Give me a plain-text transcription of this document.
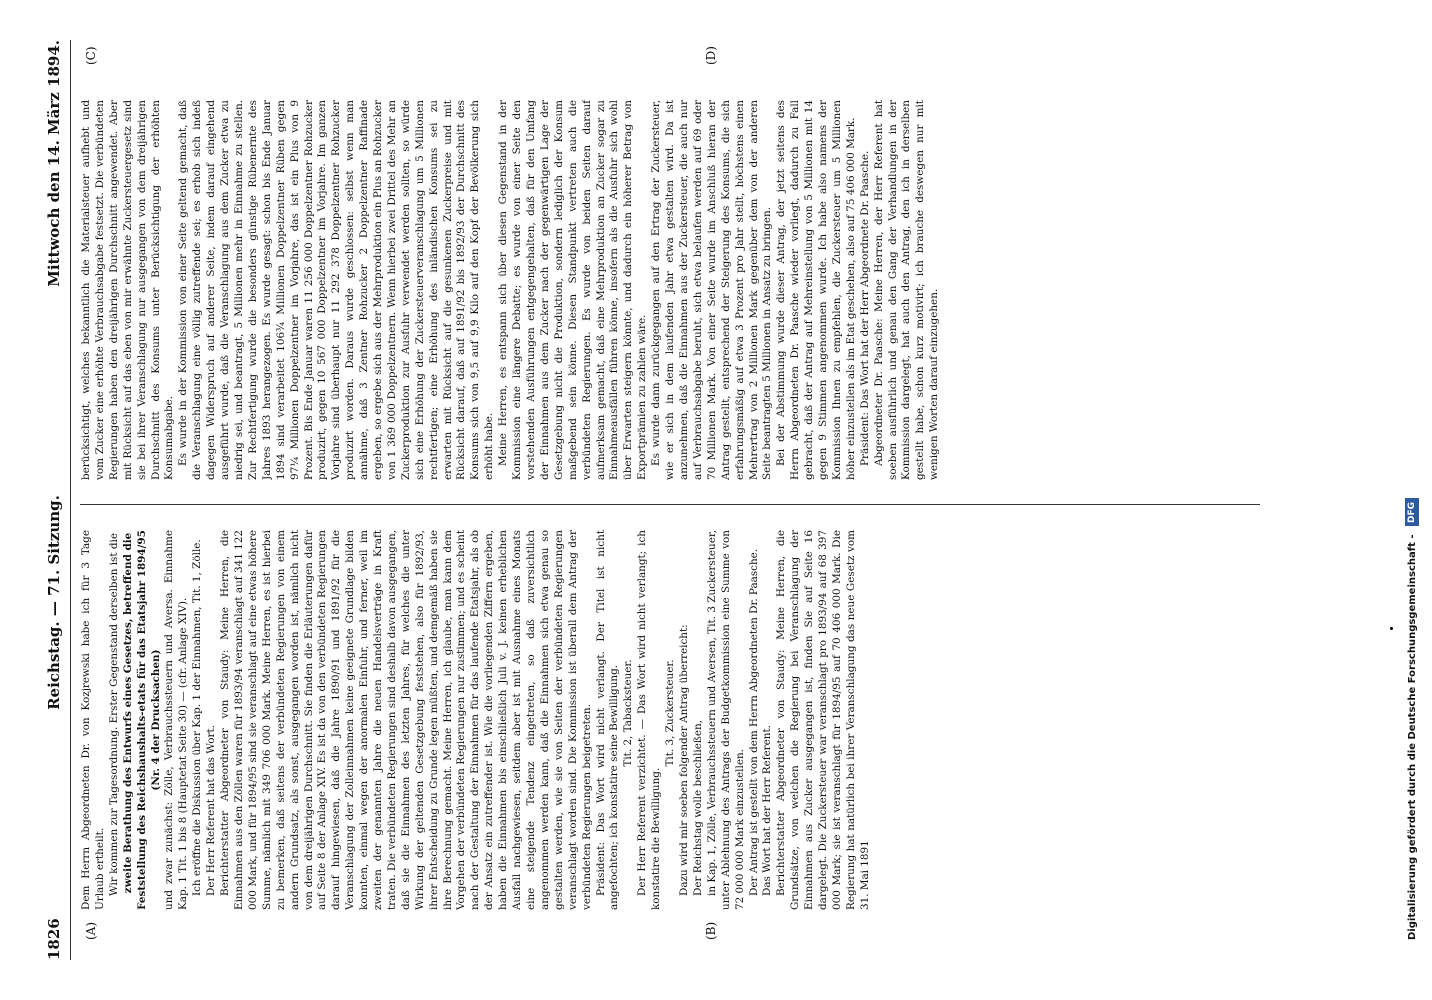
1826
Reichstag. — 71. Sitzung.
Mittwoch den 14. März 1894.
(A)	(B)
(C)	(D)

Dem Herrn Abgeordneten Dr. von Kozjrewski habe ich für 3 Tage Urlaub ertheilt. Wir kommen zur Tagesordnung. Erster Gegenstand derselben ist die zweite Berathung des Entwurfs eines Gesetzes, betreffend die Feststellung des Reichshaushalts-etats für das Etatsjahr 1894/95 (Nr. 4 der Drucksachen) und zwar zunächst: Zölle, Verbrauchssteuern und Aversa. Einnahme Kap. 1 Tit. 1 bis 8 (Hauptetat Seite 30) — (cfr. Anlage XIV). Ich eröffne die Diskussion über Kap. 1 der Einnahmen, Tit. 1, Zölle. Der Herr Referent hat das Wort. Berichterstatter Abgeordneter von Staudy: Meine Herren, die Einnahmen aus den Zöllen waren für 1893/94 veranschlagt auf 341 122 000 Mark, und für 1894/95 sind sie veranschlagt auf eine etwas höhere Summe, nämlich mit 349 706 000 Mark. Meine Herren, es ist hierbei zu bemerken, daß seitens der verbündeten Regierungen von einem andern Grundsatz, als sonst, ausgegangen worden ist, nämlich nicht von dem dreijährigen Durchschnitt. Sie finden die Erläuterungen dafür auf Seite 8 der Anlage XIV. Es ist da von den verbündeten Regierungen darauf hingewiesen, daß die Jahre 1890/91 und 1891/92 für die Veranschlagung der Zolleinnahmen keine geeignete Grundlage bilden konnten, einmal wegen der anormalen Einfuhr, und ferner, weil im zweiten der genannten Jahre die neuen Handelsverträge in Kraft traten. Die verbündeten Regierungen sind deshalb davon ausgegangen, daß sie die Einnahmen des letzten Jahres, für welches die unter Wirkung der geltenden Gesetzgebung feststehen, also für 1892/93, ihrer Entscheidung zu Grunde legen müßten, und demgemäß haben sie ihre Berechnung gemacht. Meine Herren, ich glaube, man kann dem Vorgehen der verbündeten Regierungen nur zustimmen; und es scheint nach der Gestaltung der Einnahmen für das laufende Etatsjahr, als ob der Ansatz ein zutreffender ist. Wie die vorliegenden Ziffern ergeben, haben die Einnahmen bis einschließlich Juli v. J. keinen erheblichen Ausfall nachgewiesen, seitdem aber ist mit Ausnahme eines Monats eine steigende Tendenz eingetreten, so daß zuversichtlich angenommen werden kann, daß die Einnahmen sich etwa genau so gestalten werden, wie sie von Seiten der verbündeten Regierungen veranschlagt worden sind. Die Kommission ist überall dem Antrag der verbündeten Regierungen beigetreten. Präsident: Das Wort wird nicht verlangt. Der Titel ist nicht angefochten; ich konstatire seine Bewilligung. Tit. 2, Tabacksteuer. Der Herr Referent verzichtet. — Das Wort wird nicht verlangt; ich konstatire die Bewilligung.

Tit. 3, Zuckersteuer. Dazu wird mir soeben folgender Antrag überreicht: Der Reichstag wolle beschließen, in Kap. 1, Zölle, Verbrauchssteuern und Aversen, Tit. 3 Zuckersteuer, unter Ablehnung des Antrags der Budgetkommission eine Summe von 72 000 000 Mark einzustellen. Der Antrag ist gestellt von dem Herrn Abgeordneten Dr. Paasche. Das Wort hat der Herr Referent. Berichterstatter Abgeordneter von Staudy: Meine Herren, die Grundsätze, von welchen die Regierung bei Veranschlagung der Einnahmen aus Zucker ausgegangen ist, finden Sie auf Seite 16 dargelegt. Die Zuckersteuer war veranschlagt pro 1893/94 auf 68 397 000 Mark; sie ist veranschlagt für 1894/95 auf 70 406 000 Mark. Die Regierung hat natürlich bei ihrer Veranschlagung das neue Gesetz vom 31. Mai 1891

berücksichtigt, welches bekanntlich die Materialsteuer aufhebt und vom Zucker eine erhöhte Verbrauchsabgabe festsetzt. Die verbündeten Regierungen haben den dreijährigen Durchschnitt angewendet. Aber mit Rücksicht auf das eben von mir erwähnte Zuckersteuergesetz sind sie bei ihrer Veranschlagung nur ausgegangen von dem dreijährigen Durchschnitt des Konsums unter Berücksichtigung der erhöhten Konsumabgabe. Es wurde in der Kommission von einer Seite geltend gemacht, daß die Veranschlagung eine völlig zutreffende sei; es erhob sich indeß dagegen Widerspruch auf anderer Seite, indem darauf eingehend ausgeführt wurde, daß die Veranschlagung aus dem Zucker etwa zu niedrig sei, und beantragt, 5 Millionen mehr in Einnahme zu stellen. Zur Rechtfertigung wurde die besonders günstige Rübenernte des Jahres 1893 herangezogen. Es wurde gesagt: schon bis Ende Januar 1894 sind verarbeitet 106¾ Millionen Doppelzentner Rüben gegen 97¼ Millionen Doppelzentner im Vorjahre, das ist ein Plus von 9 Prozent. Bis Ende Januar waren 11 256 000 Doppelzentner Rohzucker produzirt, gegen 10 567 000 Doppelzentner im Vorjahre. Im ganzen Vorjahre sind überhaupt nur 11 292 378 Doppelzentner Rohzucker produzirt worden. Daraus wurde geschlossen: selbst wenn man annähme, daß 3 Zentner Rohzucker 2 Doppelzentner Raffinade ergeben, so ergebe sich aus der Mehrproduktion ein Plus an Rohzucker von 1 369 000 Doppelzentnern. Wenn hierbei zwei Drittel des Mehr an Zuckerproduktion zur Ausfuhr verwendet werden sollten, so würde sich eine Erhöhung der Zuckersteuerveranschlagung um 5 Millionen rechtfertigen; eine Erhöhung des inländischen Konsums sei zu erwarten mit Rücksicht auf die gesunkenen Zuckerpreise und mit Rücksicht darauf, daß auf 1891/92 bis 1892/93 der Durchschnitt des Konsums sich von 9,5 auf 9,9 Kilo auf den Kopf der Bevölkerung sich erhöht habe. Meine Herren, es entspann sich über diesen Gegenstand in der Kommission eine längere Debatte; es wurde von einer Seite den vorstehenden Ausführungen entgegengehalten, daß für den Umfang der Einnahmen aus dem Zucker nach der gegenwärtigen Lage der Gesetzgebung nicht die Produktion, sondern lediglich der Konsum maßgebend sein könne. Diesen Standpunkt vertreten auch die verbündeten Regierungen. Es wurde von beiden Seiten darauf aufmerksam gemacht, daß eine Mehrproduktion an Zucker sogar zu Einnahmeausfällen führen könne, insofern als die Ausfuhr sich wohl über Erwarten steigern könnte, und dadurch ein höherer Betrag von Exportprämien zu zahlen wäre. Es wurde dann zurückgegangen auf den Ertrag der Zuckersteuer, wie er sich in dem laufenden Jahr etwa gestalten wird. Da ist anzunehmen, daß die Einnahmen aus der Zuckersteuer, die auch nur auf Verbrauchsabgabe beruht, sich etwa belaufen werden auf 69 oder 70 Millionen Mark. Von einer Seite wurde im Anschluß hieran der Antrag gestellt, entsprechend der Steigerung des Konsums, die sich erfahrungsmäßig auf etwa 3 Prozent pro Jahr stellt, höchstens einen Mehrertrag von 2 Millionen Mark gegenüber dem von der anderen Seite beantragten 5 Millionen in Ansatz zu bringen. Bei der Abstimmung wurde dieser Antrag, der jetzt seitens des Herrn Abgeordneten Dr. Paasche wieder vorliegt, dadurch zu Fall gebracht, daß der Antrag auf Mehreinstellung von 5 Millionen mit 14 gegen 9 Stimmen angenommen wurde. Ich habe also namens der Kommission Ihnen zu empfehlen, die Zuckersteuer um 5 Millionen höher einzustellen als im Etat geschehen, also auf 75 406 000 Mark. Präsident: Das Wort hat der Herr Abgeordnete Dr. Paasche. Abgeordneter Dr. Paasche: Meine Herren, der Herr Referent hat soeben ausführlich und genau den Gang der Verhandlungen in der Kommission dargelegt, hat auch den Antrag, den ich in derselben gestellt habe, schon kurz motivirt; ich brauche deswegen nur mit wenigen Worten darauf einzugehen.

Digitalisierung gefördert durch die Deutsche Forschungsgemeinschaft -
DFG
